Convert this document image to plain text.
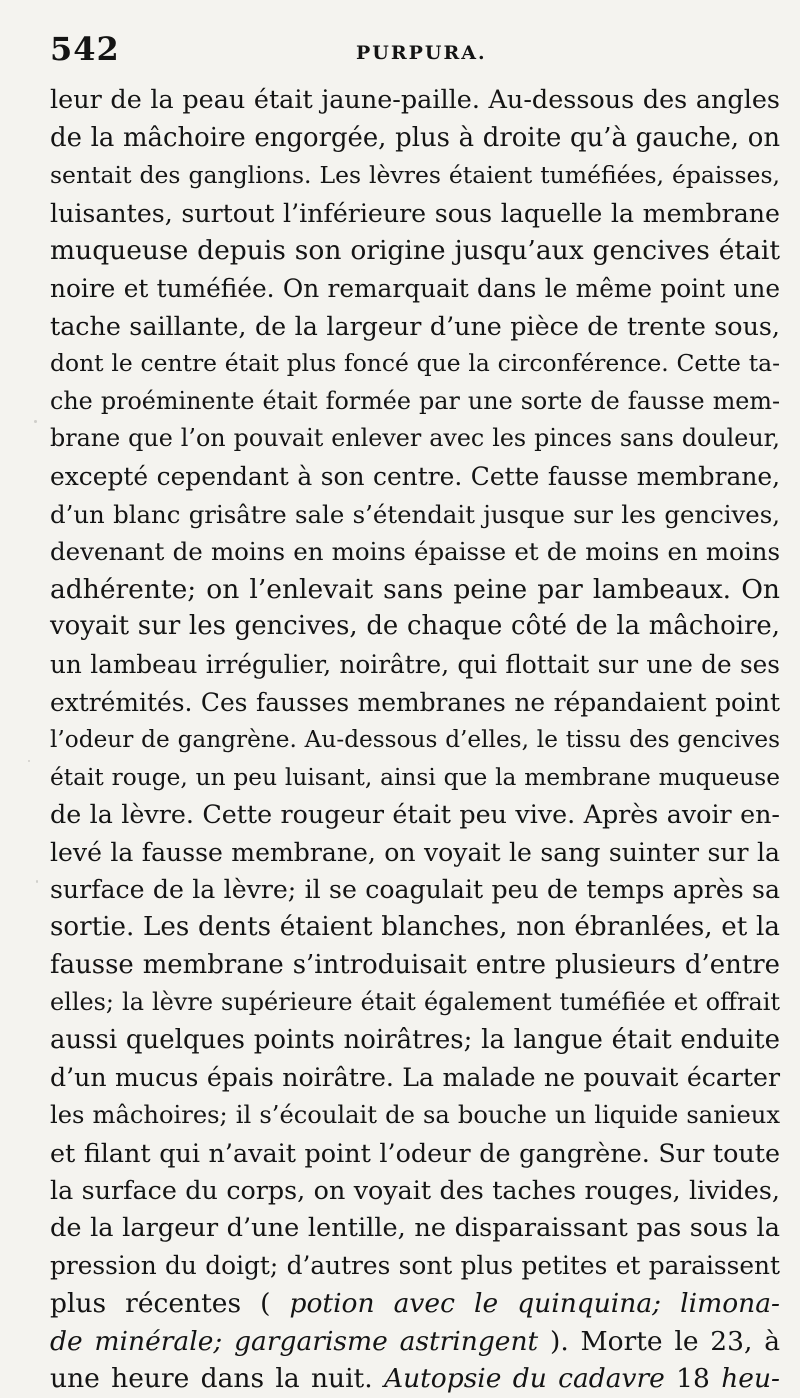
542	PURPURA.
leur de la peau était jaune-paille. Au-dessous des angles
de la mâchoire engorgée, plus à droite qu’à gauche, on
sentait des ganglions. Les lèvres étaient tuméfiées, épaisses,
luisantes, surtout l’inférieure sous laquelle la membrane
muqueuse depuis son origine jusqu’aux gencives était
noire et tuméfiée. On remarquait dans le même point une
tache saillante, de la largeur d’une pièce de trente sous,
dont le centre était plus foncé que la circonférence. Cette ta-
che proéminente était formée par une sorte de fausse mem-
brane que l’on pouvait enlever avec les pinces sans douleur,
excepté cependant à son centre. Cette fausse membrane,
d’un blanc grisâtre sale s’étendait jusque sur les gencives,
devenant de moins en moins épaisse et de moins en moins
adhérente; on l’enlevait sans peine par lambeaux. On
voyait sur les gencives, de chaque côté de la mâchoire,
un lambeau irrégulier, noirâtre, qui flottait sur une de ses
extrémités. Ces fausses membranes ne répandaient point
l’odeur de gangrène. Au-dessous d’elles, le tissu des gencives
était rouge, un peu luisant, ainsi que la membrane muqueuse
de la lèvre. Cette rougeur était peu vive. Après avoir en-
levé la fausse membrane, on voyait le sang suinter sur la
surface de la lèvre; il se coagulait peu de temps après sa
sortie. Les dents étaient blanches, non ébranlées, et la
fausse membrane s’introduisait entre plusieurs d’entre
elles; la lèvre supérieure était également tuméfiée et offrait
aussi quelques points noirâtres; la langue était enduite
d’un mucus épais noirâtre. La malade ne pouvait écarter
les mâchoires; il s’écoulait de sa bouche un liquide sanieux
et filant qui n’avait point l’odeur de gangrène. Sur toute
la surface du corps, on voyait des taches rouges, livides,
de la largeur d’une lentille, ne disparaissant pas sous la
pression du doigt; d’autres sont plus petites et paraissent
plus récentes ( potion avec le quinquina; limona-
de minérale; gargarisme astringent ). Morte le 23, à
une heure dans la nuit. Autopsie du cadavre 18 heu-
